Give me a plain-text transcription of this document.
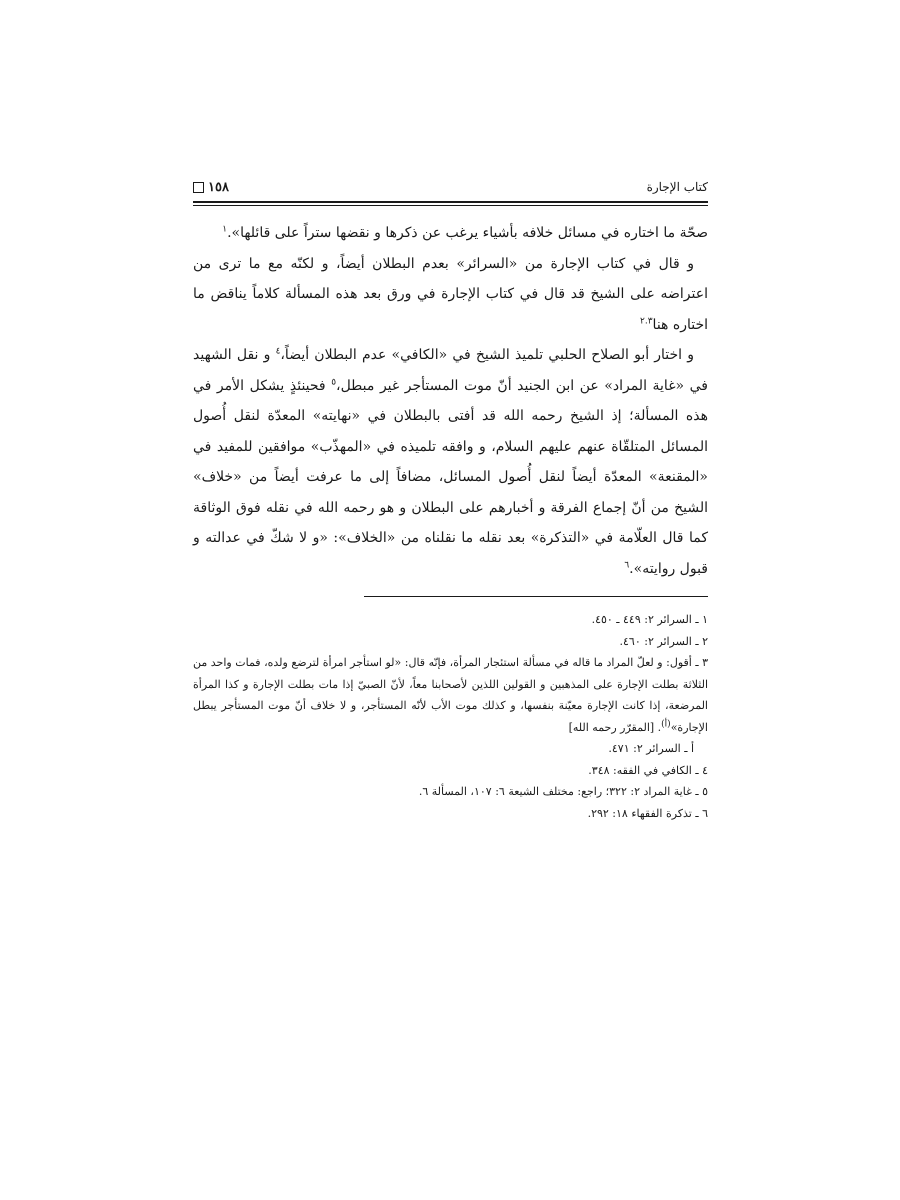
كتاب الإجارة
١٥٨

صحّة ما اختاره في مسائل خلافه بأشياء يرغب عن ذكرها و نقضها ستراً على قائلها».$^١$

و قال في كتاب الإجارة من «السرائر» بعدم البطلان أيضاً، و لكنّه مع ما ترى من اعتراضه على الشيخ قد قال في كتاب الإجارة في ورق بعد هذه المسألة كلاماً يناقض ما اختاره هنا$^{٢.٣}$

و اختار أبو الصلاح الحلبي تلميذ الشيخ في «الكافي» عدم البطلان أيضاً،$^٤$ و نقل الشهيد في «غاية المراد» عن ابن الجنيد أنّ موت المستأجر غير مبطل،$^٥$ فحينئذٍ يشكل الأمر في هذه المسألة؛ إذ الشيخ رحمه الله قد أفتى بالبطلان في «نهايته» المعدّة لنقل أُصول المسائل المتلقّاة عنهم عليهم السلام، و وافقه تلميذه في «المهذّب» موافقين للمفيد في «المقنعة» المعدّة أيضاً لنقل أُصول المسائل، مضافاً إلى ما عرفت أيضاً من «خلاف» الشيخ من أنّ إجماع الفرقة و أخبارهم على البطلان و هو رحمه الله في نقله فوق الوثاقة كما قال العلّامة في «التذكرة» بعد نقله ما نقلناه من «الخلاف»: «و لا شكّ في عدالته و قبول روايته».$^٦$

١ ـ السرائر ٢: ٤٤٩ ـ ٤٥٠.

٢ ـ السرائر ٢: ٤٦٠.

٣ ـ أقول: و لعلّ المراد ما قاله في مسألة استئجار المرأة، فإنّه قال: «لو استأجر امرأة لترضع ولده، فمات واحد من الثلاثة بطلت الإجارة على المذهبين و القولين اللذين لأصحابنا معاً، لأنّ الصبيّ إذا مات بطلت الإجارة و كذا المرأة المرضعة، إذا كانت الإجارة معيّنة بنفسها، و كذلك موت الأب لأنّه المستأجر، و لا خلاف أنّ موت المستأجر يبطل الإجارة»$^{(أ)}$. [المقرّر رحمه الله]

أ ـ السرائر ٢: ٤٧١.

٤ ـ الكافي في الفقه: ٣٤٨.

٥ ـ غاية المراد ٢: ٣٢٢؛ راجع: مختلف الشيعة ٦: ١٠٧، المسألة ٦.

٦ ـ تذكرة الفقهاء ١٨: ٢٩٢.
